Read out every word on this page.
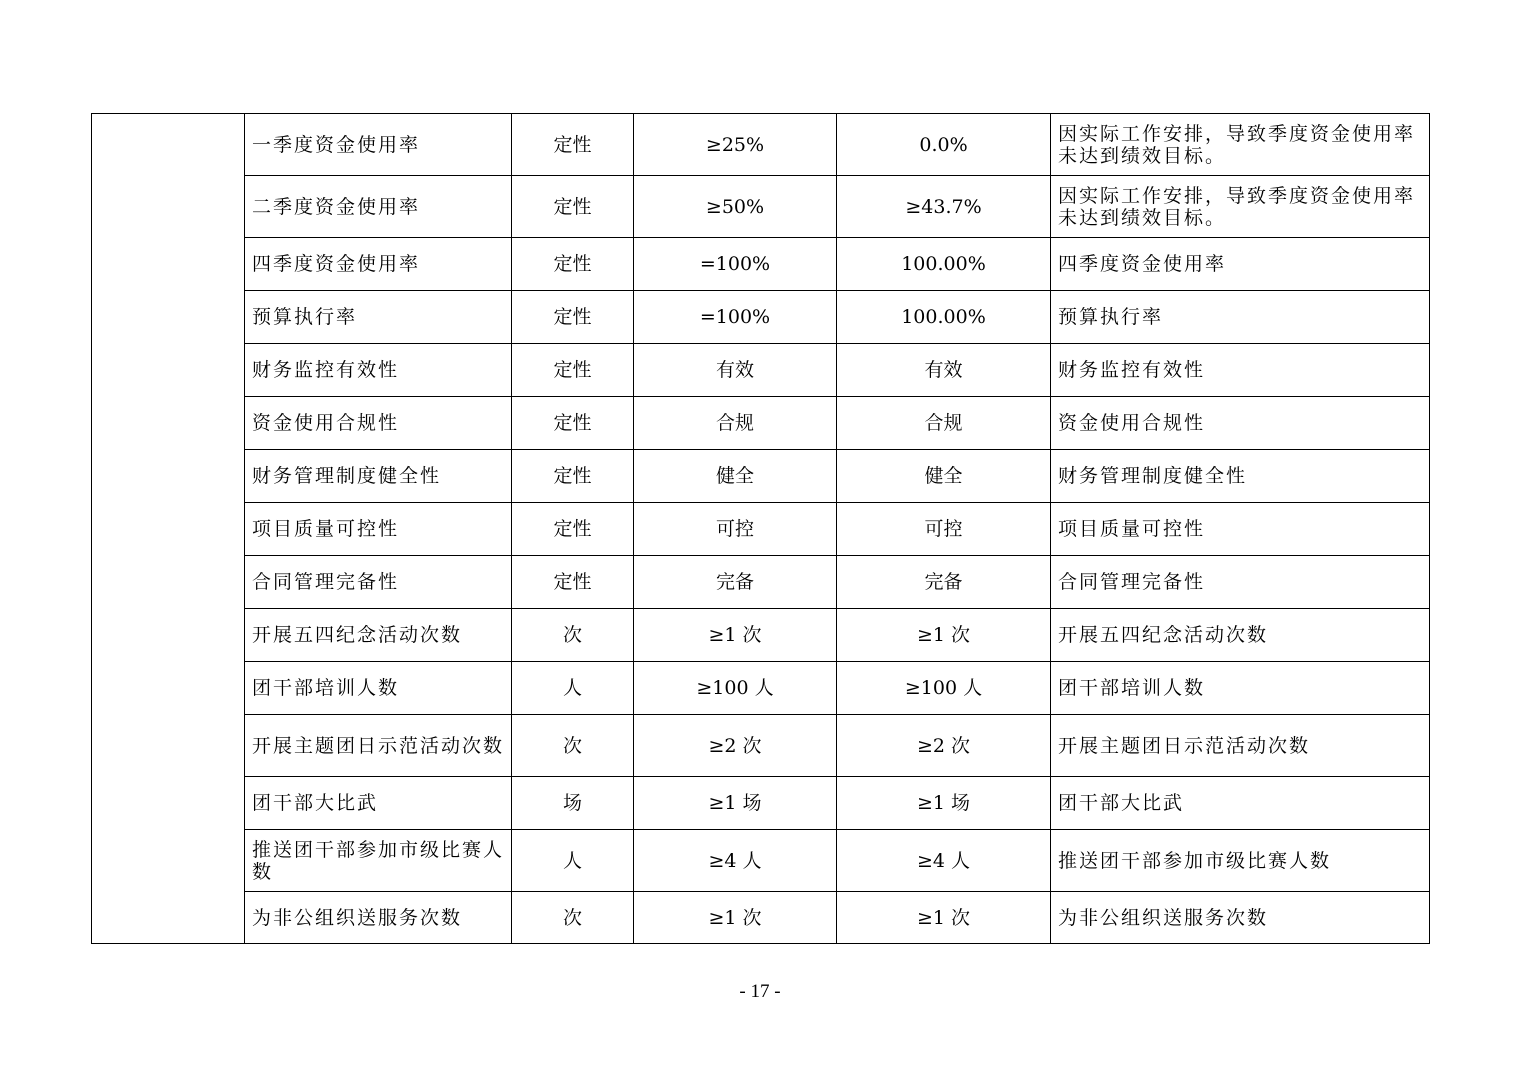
	一季度资金使用率	定性	≥25%	0.0%	因实际工作安排，导致季度资金使用率未达到绩效目标。
	二季度资金使用率	定性	≥50%	≥43.7%	因实际工作安排，导致季度资金使用率未达到绩效目标。
	四季度资金使用率	定性	=100%	100.00%	四季度资金使用率
	预算执行率	定性	=100%	100.00%	预算执行率
	财务监控有效性	定性	有效	有效	财务监控有效性
	资金使用合规性	定性	合规	合规	资金使用合规性
	财务管理制度健全性	定性	健全	健全	财务管理制度健全性
	项目质量可控性	定性	可控	可控	项目质量可控性
	合同管理完备性	定性	完备	完备	合同管理完备性
	开展五四纪念活动次数	次	≥1 次	≥1 次	开展五四纪念活动次数
	团干部培训人数	人	≥100 人	≥100 人	团干部培训人数
	开展主题团日示范活动次数	次	≥2 次	≥2 次	开展主题团日示范活动次数
	团干部大比武	场	≥1 场	≥1 场	团干部大比武
	推送团干部参加市级比赛人数	人	≥4 人	≥4 人	推送团干部参加市级比赛人数
	为非公组织送服务次数	次	≥1 次	≥1 次	为非公组织送服务次数
- 17 -
